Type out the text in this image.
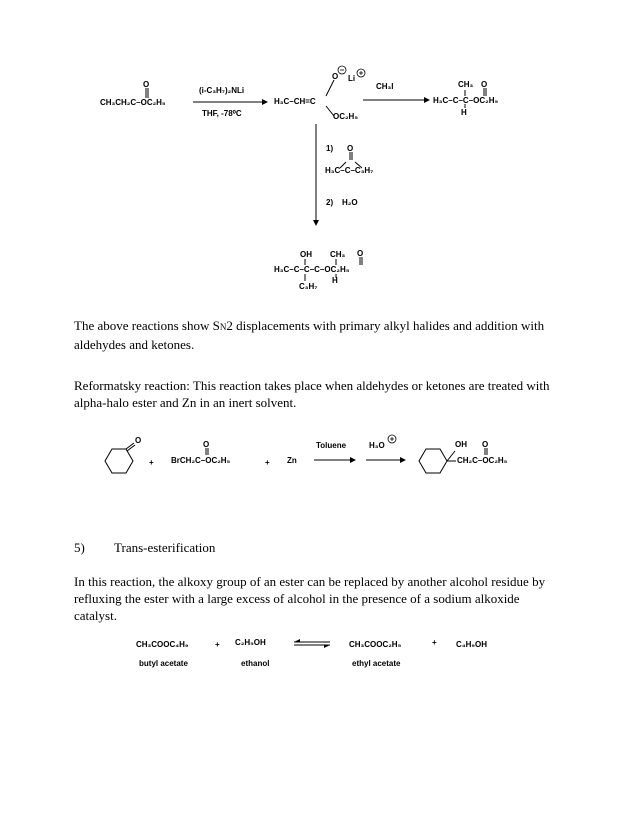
O
CH₃CH₂C–OC₂H₅
(i-C₃H₇)₂NLi
THF, -78⁰C
H₃C–CH=C
O Li
OC₂H₅
CH₃I	CH₃ O
H₃C–C–C–OC₂H₅
H
1) O
H₃C–C–C₃H₇
2) H₂O
OH CH₃ O
H₃C–C–C–C–OC₂H₅
H
C₃H₇

The above reactions show SN2 displacements with primary alkyl halides and addition with aldehydes and ketones.

Reformatsky reaction: This reaction takes place when aldehydes or ketones are treated with alpha-halo ester and Zn in an inert solvent.

O
+
O
BrCH₂C–OC₂H₅	+ Zn
Toluene	H₃O	OH O
CH₂C–OC₂H₅
5) Trans-esterification

In this reaction, the alkoxy group of an ester can be replaced by another alcohol residue by refluxing the ester with a large excess of alcohol in the presence of a sodium alkoxide catalyst.

CH₃COOC₄H₉
butyl acetate
+ C₂H₅OH
ethanol
CH₃COOC₂H₅
ethyl acetate
+ C₄H₉OH
